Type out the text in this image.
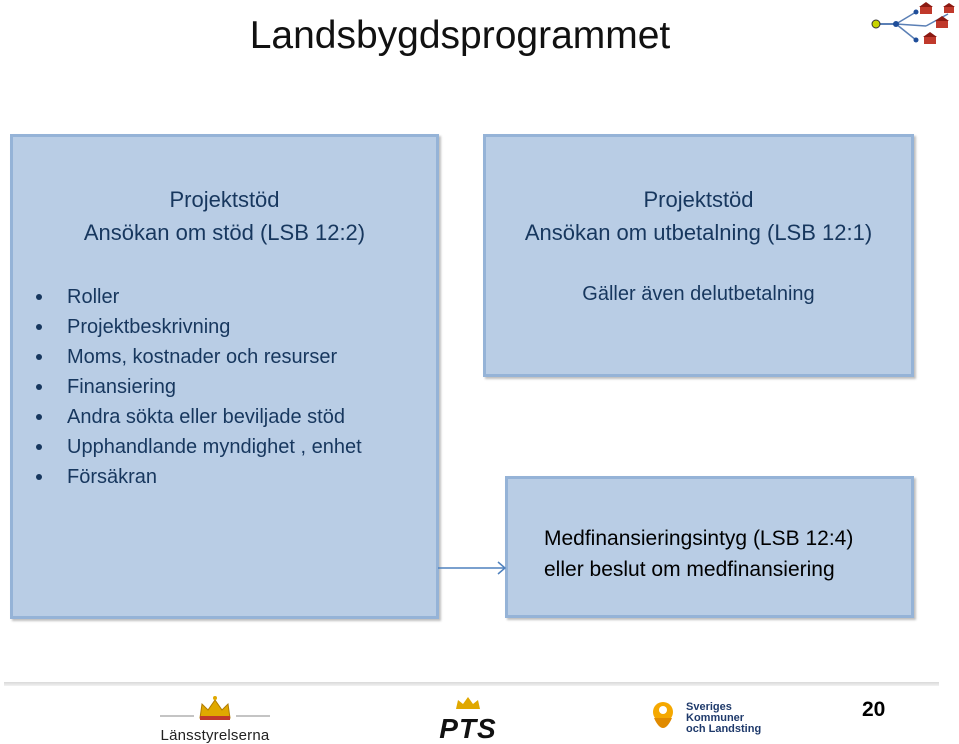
Landsbygdsprogrammet
Projektstöd
Ansökan om stöd (LSB 12:2)
Roller
Projektbeskrivning
Moms, kostnader och resurser
Finansiering
Andra sökta eller beviljade stöd
Upphandlande myndighet , enhet
Försäkran
Projektstöd
Ansökan om utbetalning (LSB 12:1)
Gäller även delutbetalning
Medfinansieringsintyg (LSB 12:4)
eller beslut om medfinansiering
Länsstyrelserna	PTS
Sveriges
Kommuner
och Landsting
20
